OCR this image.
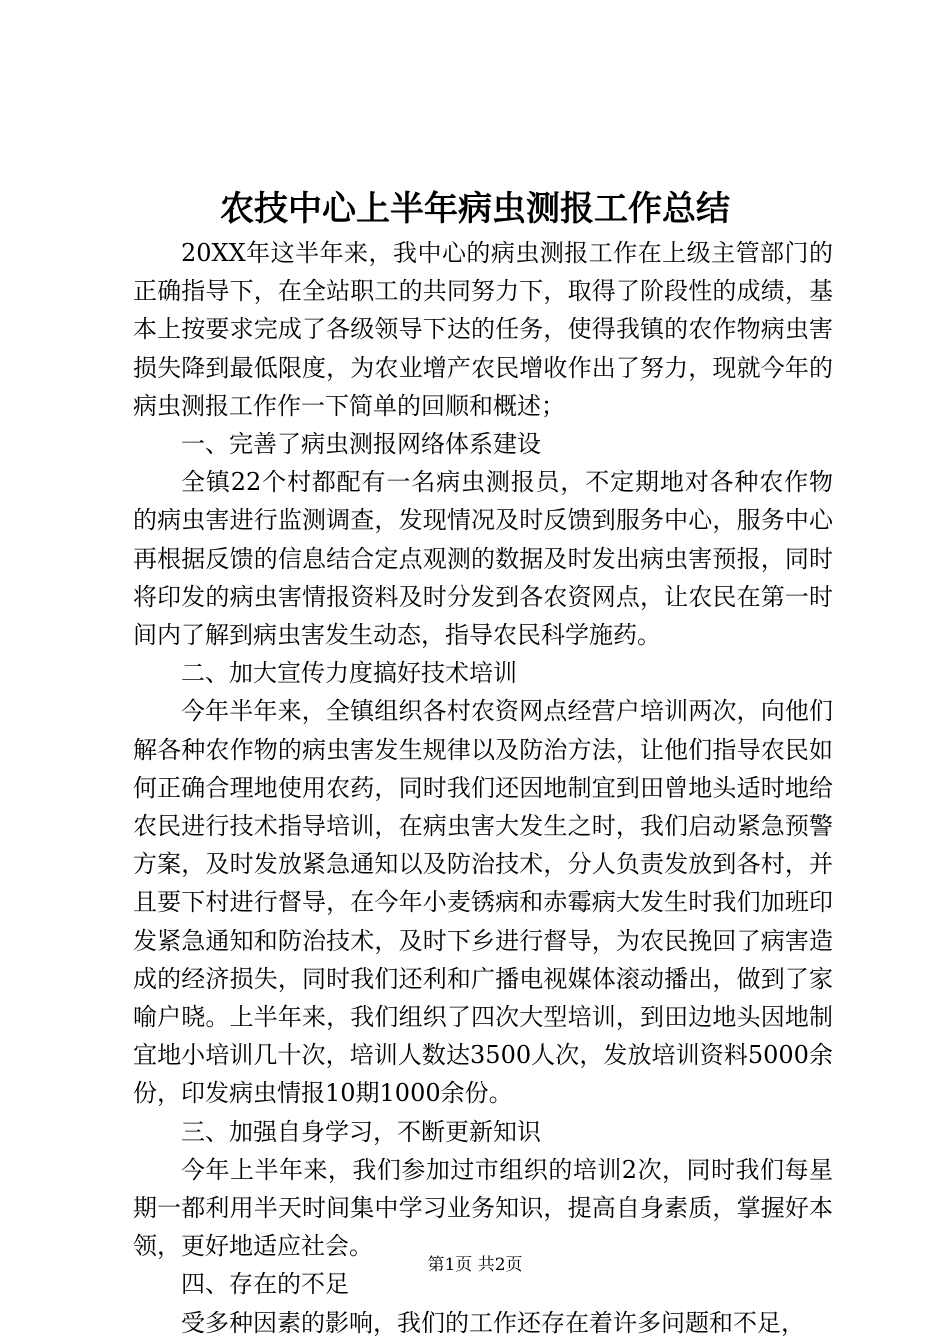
农技中心上半年病虫测报工作总结

20XX年这半年来，我中心的病虫测报工作在上级主管部门的正确指导下，在全站职工的共同努力下，取得了阶段性的成绩，基本上按要求完成了各级领导下达的任务，使得我镇的农作物病虫害损失降到最低限度，为农业增产农民增收作出了努力，现就今年的病虫测报工作作一下简单的回顺和概述；

一、完善了病虫测报网络体系建设

全镇22个村都配有一名病虫测报员，不定期地对各种农作物的病虫害进行监测调查，发现情况及时反馈到服务中心，服务中心再根据反馈的信息结合定点观测的数据及时发出病虫害预报，同时将印发的病虫害情报资料及时分发到各农资网点，让农民在第一时间内了解到病虫害发生动态，指导农民科学施药。

二、加大宣传力度搞好技术培训

今年半年来，全镇组织各村农资网点经营户培训两次，向他们解各种农作物的病虫害发生规律以及防治方法，让他们指导农民如何正确合理地使用农药，同时我们还因地制宜到田曾地头适时地给农民进行技术指导培训，在病虫害大发生之时，我们启动紧急预警方案，及时发放紧急通知以及防治技术，分人负责发放到各村，并且要下村进行督导，在今年小麦锈病和赤霉病大发生时我们加班印发紧急通知和防治技术，及时下乡进行督导，为农民挽回了病害造成的经济损失，同时我们还利和广播电视媒体滚动播出，做到了家喻户晓。上半年来，我们组织了四次大型培训，到田边地头因地制宜地小培训几十次，培训人数达3500人次，发放培训资料5000余份，印发病虫情报10期1000余份。

三、加强自身学习，不断更新知识

今年上半年来，我们参加过市组织的培训2次，同时我们每星期一都利用半天时间集中学习业务知识，提高自身素质，掌握好本领，更好地适应社会。

四、存在的不足

受多种因素的影响，我们的工作还存在着许多问题和不足，

第1页 共2页
